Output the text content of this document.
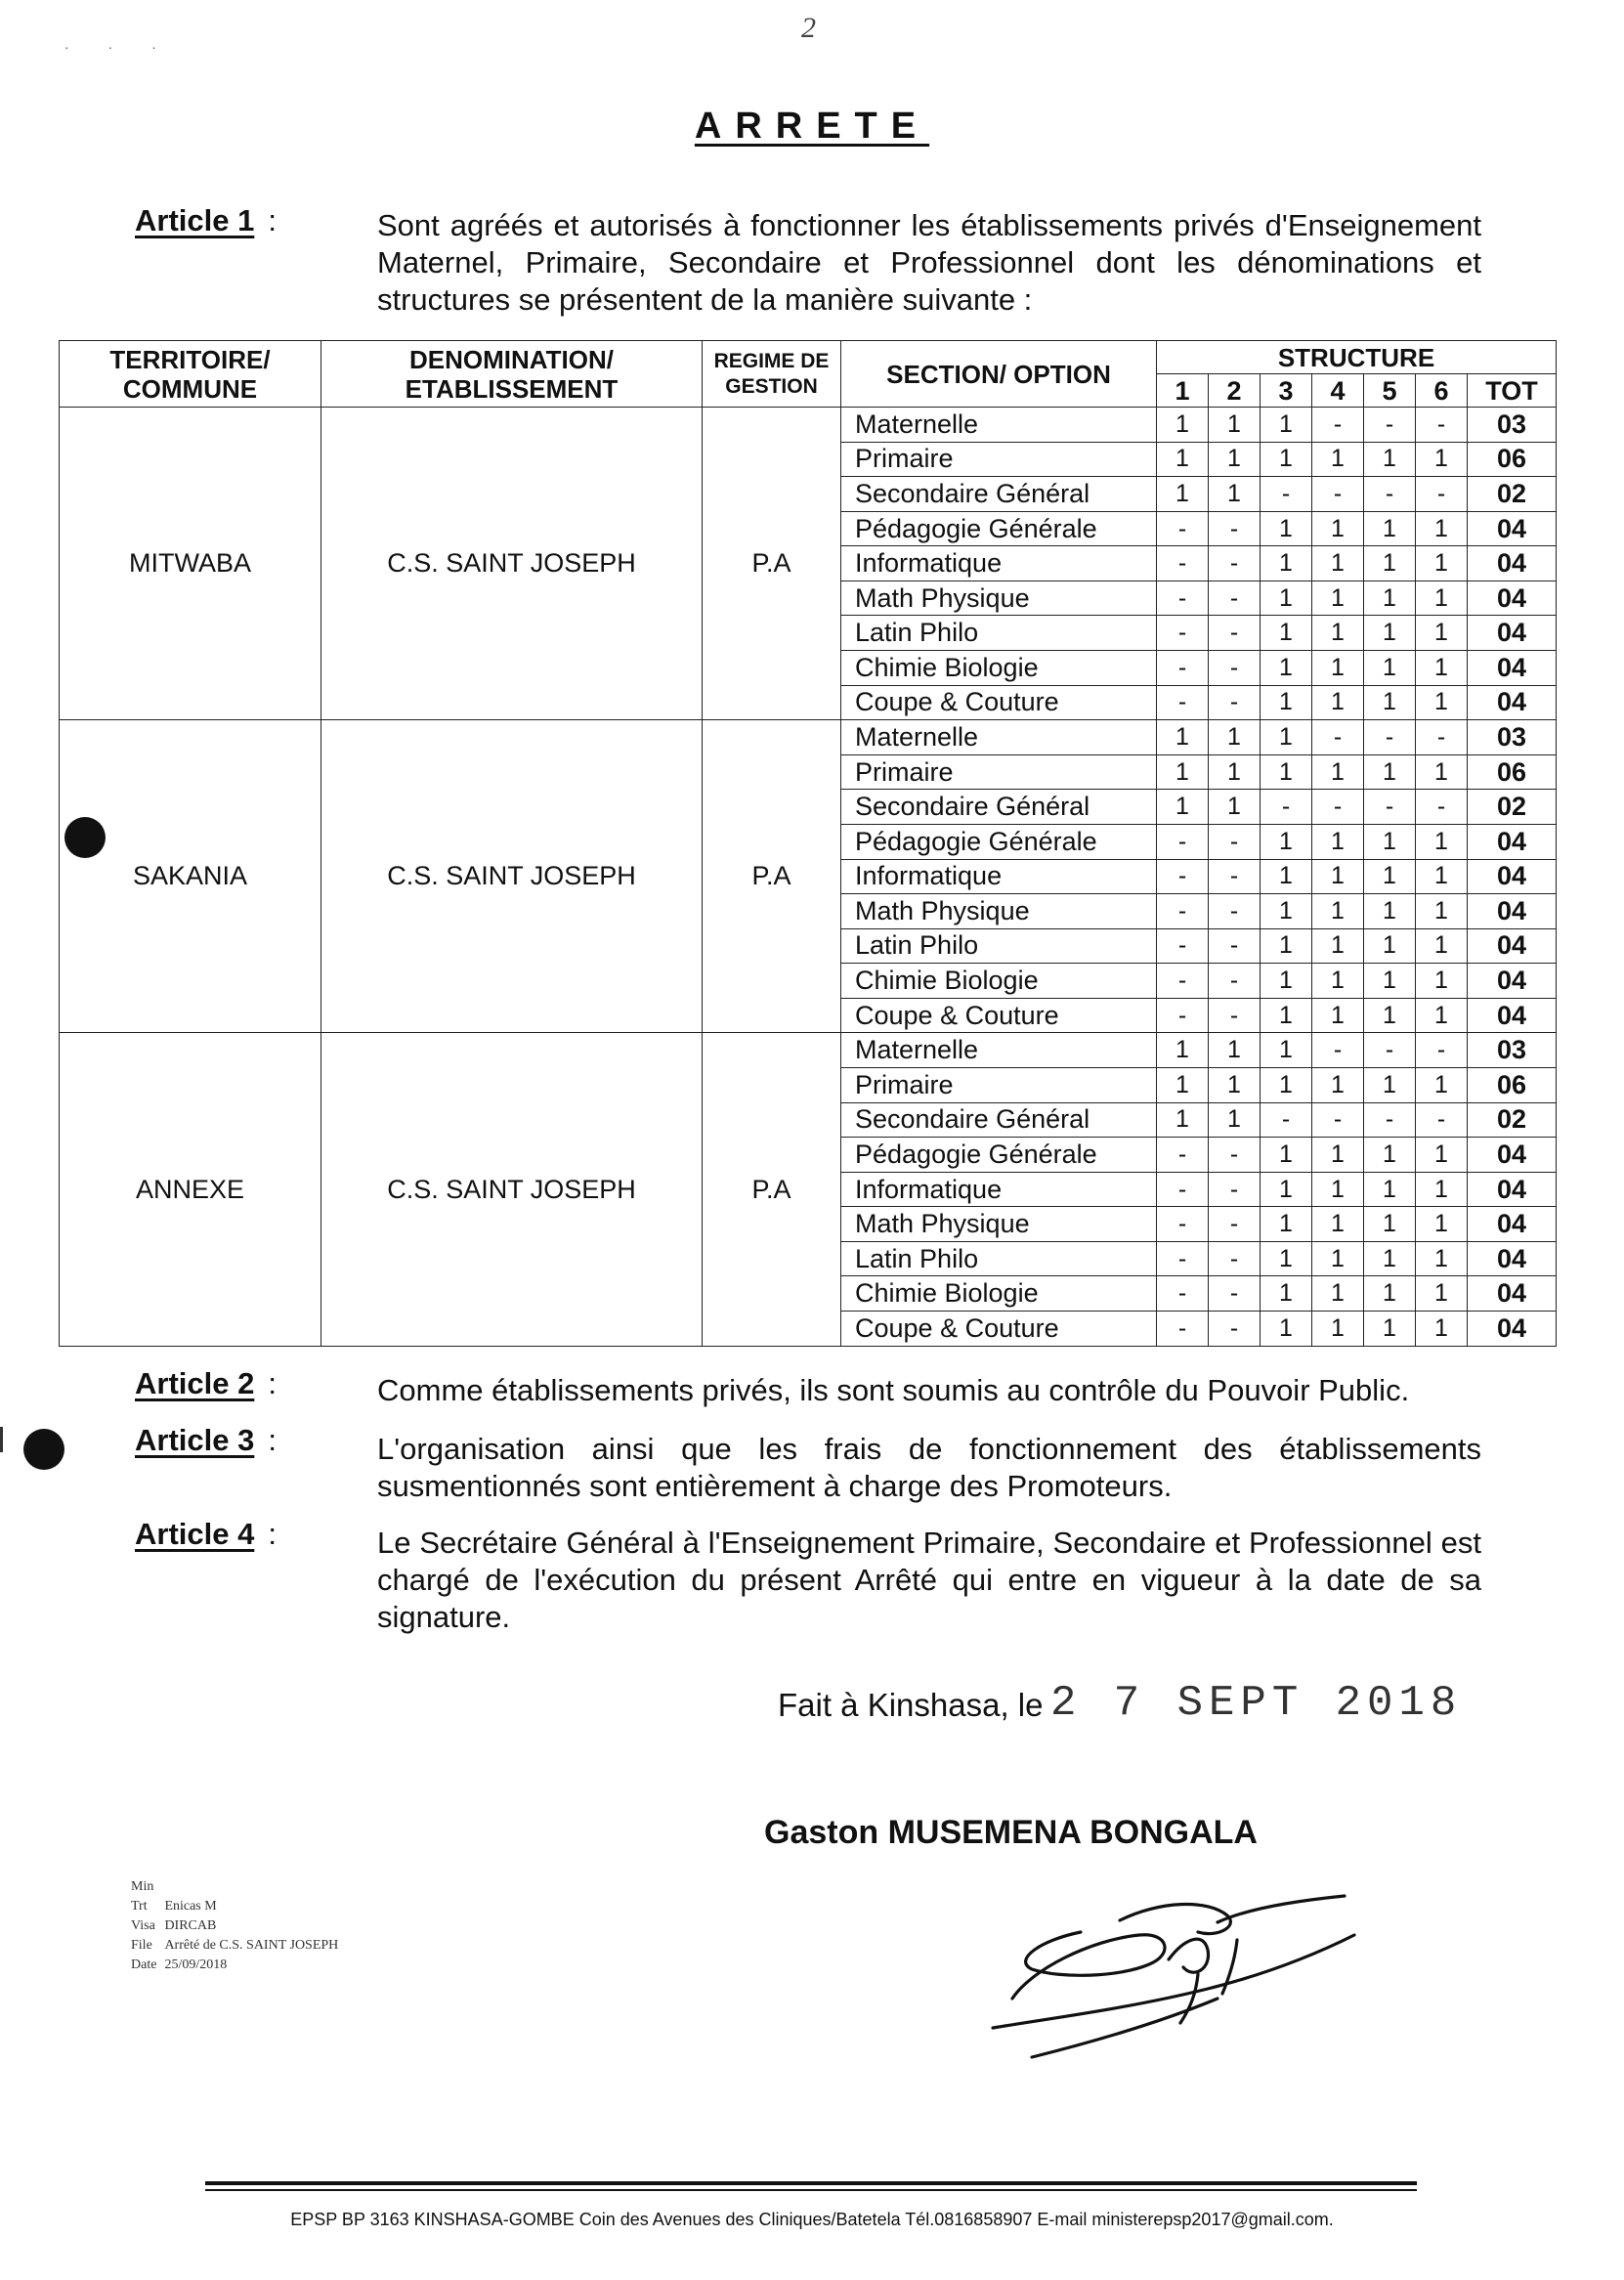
2
· · ·
ARRETE
Article 1 :	Sont agréés et autorisés à fonctionner les établissements privés d'Enseignement Maternel, Primaire, Secondaire et Professionnel dont les dénominations et structures se présentent de la manière suivante :
TERRITOIRE/ COMMUNE	DENOMINATION/ ETABLISSEMENT	REGIME DE GESTION	SECTION/ OPTION	STRUCTURE						
				1	2	3	4	5	6	TOT
MITWABA	C.S. SAINT JOSEPH	P.A	Maternelle	1	1	1	-	-	-	03
			Primaire	1	1	1	1	1	1	06
			Secondaire Général	1	1	-	-	-	-	02
			Pédagogie Générale	-	-	1	1	1	1	04
			Informatique	-	-	1	1	1	1	04
			Math Physique	-	-	1	1	1	1	04
			Latin Philo	-	-	1	1	1	1	04
			Chimie Biologie	-	-	1	1	1	1	04
			Coupe & Couture	-	-	1	1	1	1	04
SAKANIA	C.S. SAINT JOSEPH	P.A	Maternelle	1	1	1	-	-	-	03
			Primaire	1	1	1	1	1	1	06
			Secondaire Général	1	1	-	-	-	-	02
			Pédagogie Générale	-	-	1	1	1	1	04
			Informatique	-	-	1	1	1	1	04
			Math Physique	-	-	1	1	1	1	04
			Latin Philo	-	-	1	1	1	1	04
			Chimie Biologie	-	-	1	1	1	1	04
			Coupe & Couture	-	-	1	1	1	1	04
ANNEXE	C.S. SAINT JOSEPH	P.A	Maternelle	1	1	1	-	-	-	03
			Primaire	1	1	1	1	1	1	06
			Secondaire Général	1	1	-	-	-	-	02
			Pédagogie Générale	-	-	1	1	1	1	04
			Informatique	-	-	1	1	1	1	04
			Math Physique	-	-	1	1	1	1	04
			Latin Philo	-	-	1	1	1	1	04
			Chimie Biologie	-	-	1	1	1	1	04
			Coupe & Couture	-	-	1	1	1	1	04
Article 2 :	Comme établissements privés, ils sont soumis au contrôle du Pouvoir Public.
Article 3 :	L'organisation ainsi que les frais de fonctionnement des établissements susmentionnés sont entièrement à charge des Promoteurs.
Article 4 :	Le Secrétaire Général à l'Enseignement Primaire, Secondaire et Professionnel est chargé de l'exécution du présent Arrêté qui entre en vigueur à la date de sa signature.
Fait à Kinshasa, le 2 7 SEPT 2018
Gaston MUSEMENA BONGALA
Min	
Trt	Enicas M
Visa	DIRCAB
File	Arrêté de C.S. SAINT JOSEPH
Date	25/09/2018
EPSP BP 3163 KINSHASA-GOMBE Coin des Avenues des Cliniques/Batetela Tél.0816858907 E-mail ministerepsp2017@gmail.com.
